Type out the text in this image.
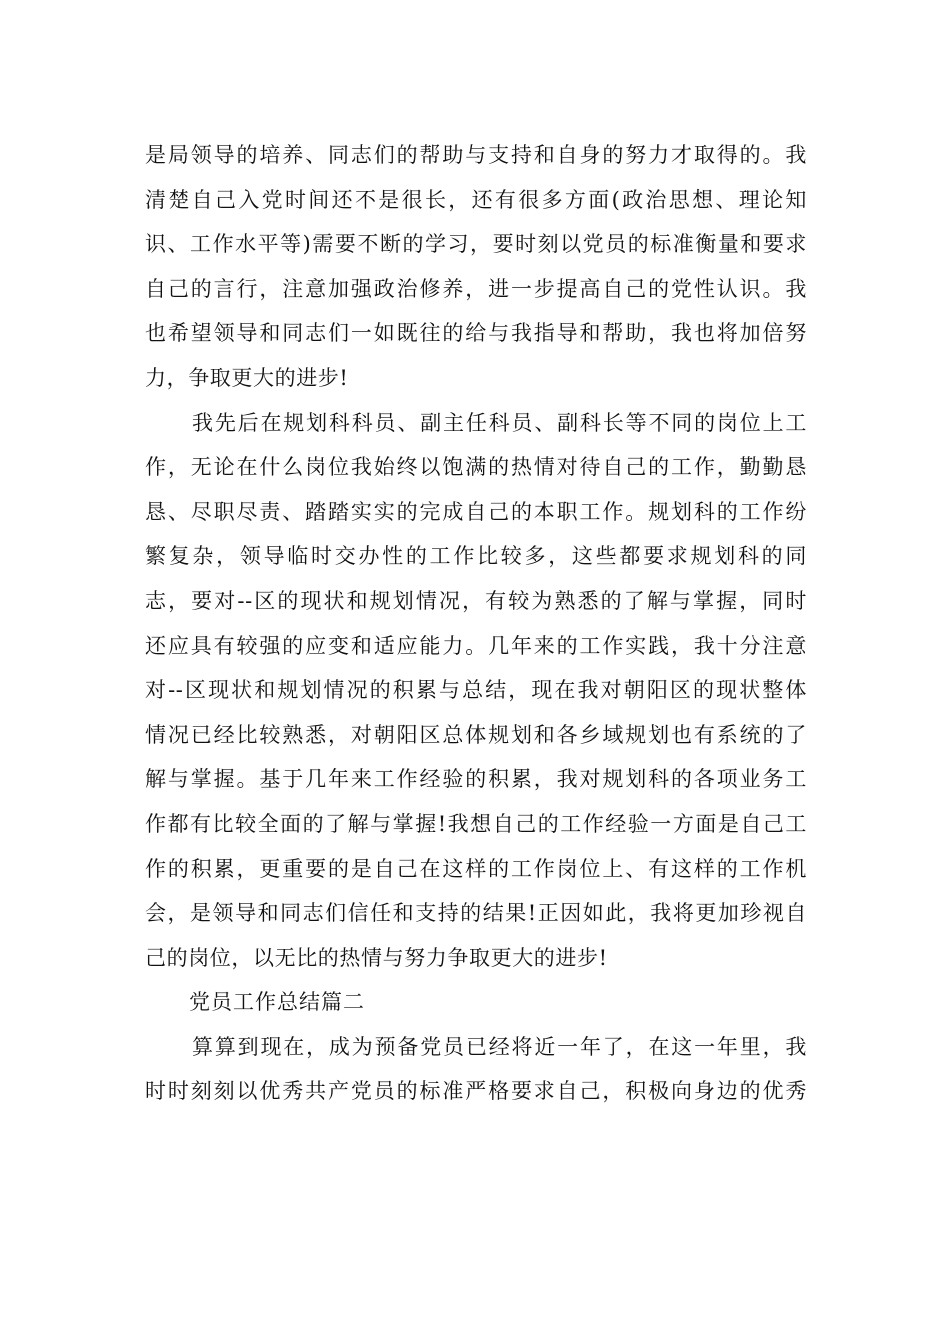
是局领导的培养、同志们的帮助与支持和自身的努力才取得的。我
清楚自己入党时间还不是很长，还有很多方面(政治思想、理论知
识、工作水平等)需要不断的学习，要时刻以党员的标准衡量和要求
自己的言行，注意加强政治修养，进一步提高自己的党性认识。我
也希望领导和同志们一如既往的给与我指导和帮助，我也将加倍努
力，争取更大的进步!
我先后在规划科科员、副主任科员、副科长等不同的岗位上工
作，无论在什么岗位我始终以饱满的热情对待自己的工作，勤勤恳
恳、尽职尽责、踏踏实实的完成自己的本职工作。规划科的工作纷
繁复杂，领导临时交办性的工作比较多，这些都要求规划科的同
志，要对--区的现状和规划情况，有较为熟悉的了解与掌握，同时
还应具有较强的应变和适应能力。几年来的工作实践，我十分注意
对--区现状和规划情况的积累与总结，现在我对朝阳区的现状整体
情况已经比较熟悉，对朝阳区总体规划和各乡域规划也有系统的了
解与掌握。基于几年来工作经验的积累，我对规划科的各项业务工
作都有比较全面的了解与掌握!我想自己的工作经验一方面是自己工
作的积累，更重要的是自己在这样的工作岗位上、有这样的工作机
会，是领导和同志们信任和支持的结果!正因如此，我将更加珍视自
己的岗位，以无比的热情与努力争取更大的进步!
党员工作总结篇二
算算到现在，成为预备党员已经将近一年了，在这一年里，我
时时刻刻以优秀共产党员的标准严格要求自己，积极向身边的优秀
